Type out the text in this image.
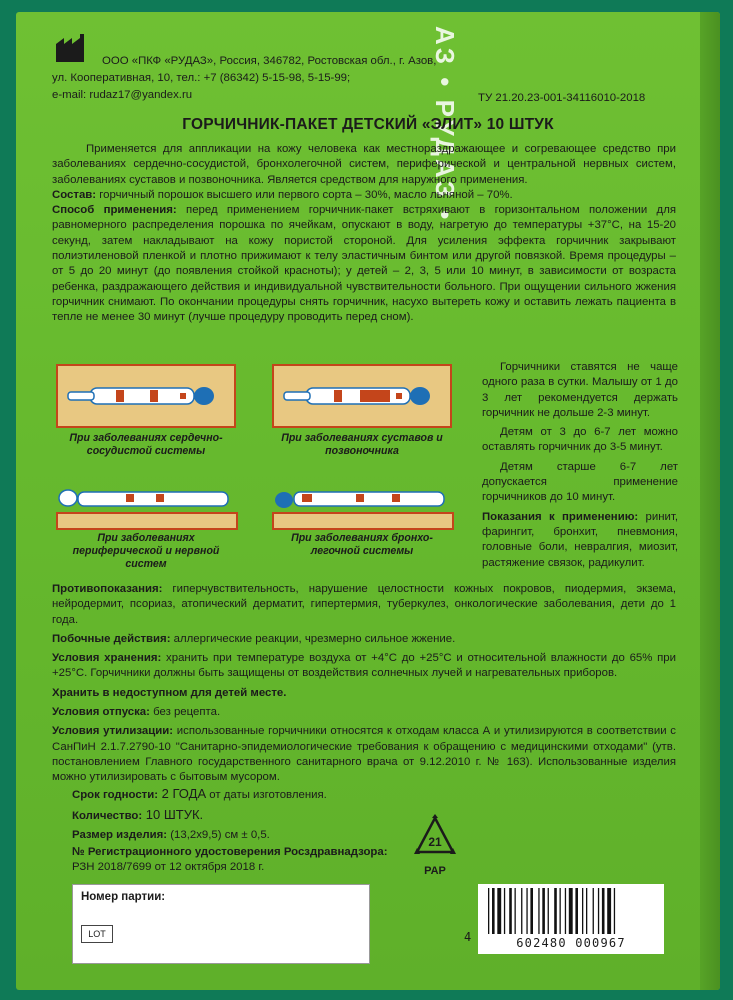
ООО «ПКФ «РУДАЗ», Россия, 346782, Ростовская обл., г. Азов,
ул. Кооперативная, 10, тел.: +7 (86342) 5-15-98, 5-15-99;
e-mail: rudaz17@yandex.ru	ТУ 21.20.23-001-34116010-2018
АЗ • РУДАЗ •
ГОРЧИЧНИК-ПАКЕТ ДЕТСКИЙ «ЭЛИТ» 10 ШТУК

Применяется для аппликации на кожу человека как местнораздражающее и согревающее средство при заболеваниях сердечно-сосудистой, бронхолегочной систем, периферической и центральной нервных систем, заболеваниях суставов и позвоночника. Является средством для наружного применения.

Состав: горчичный порошок высшего или первого сорта – 30%, масло льняной – 70%.

Способ применения: перед применением горчичник-пакет встряхивают в горизонтальном положении для равномерного распределения порошка по ячейкам, опускают в воду, нагретую до температуры +37°С, на 15-20 секунд, затем накладывают на кожу пористой стороной. Для усиления эффекта горчичник закрывают полиэтиленовой пленкой и плотно прижимают к телу эластичным бинтом или другой повязкой. Время процедуры – от 5 до 20 минут (до появления стойкой краснoты); у детей – 2, 3, 5 или 10 минут, в зависимости от возраста ребенка, раздражающего действия и индивидуальной чувствительности больного. При ощущении сильного жжения горчичник снимают. По окончании процедуры снять горчичник, насухо вытереть кожу и оставить лежать пациента в тепле не менее 30 минут (лучше процедуру проводить перед сном).

При заболеваниях сердечно-сосудистой системы
При заболеваниях суставов и позвоночника
При заболеваниях периферической и нервной систем
При заболеваниях бронхо-легочной системы

Горчичники ставятся не чаще одного раза в сутки. Малышу от 1 до 3 лет рекомендуется держать горчичник не дольше 2-3 минут.

Детям от 3 до 6-7 лет можно оставлять горчичник до 3-5 минут.

Детям старше 6-7 лет допускается применение горчичников до 10 минут.

Показания к применению: ринит, фарингит, бронхит, пневмония, головные боли, невралгия, миозит, растяжение связок, радикулит.

Противопоказания: гиперчувствительность, нарушение целостности кожных покровов, пиодермия, экзема, нейродермит, псориаз, атопический дерматит, гипертермия, туберкулез, онкологические заболевания, дети до 1 года.

Побочные действия: аллергические реакции, чрезмерно сильное жжение.

Условия хранения: хранить при температуре воздуха от +4°С до +25°С и относительной влажности до 65% при +25°С. Горчичники должны быть защищены от воздействия солнечных лучей и нагревательных приборов.

Хранить в недоступном для детей месте.

Условия отпуска: без рецепта.

Условия утилизации: использованные горчичники относятся к отходам класса А и утилизируются в соответствии с СанПиН 2.1.7.2790-10 "Санитарно-эпидемиологические требования к обращению с медицинскими отходами" (утв. постановлением Главного государственного санитарного врача от 9.12.2010 г. № 163). Использованные изделия можно утилизировать с бытовым мусором.

Срок годности: 2 ГОДА от даты изготовления.

Количество: 10 ШТУК.

Размер изделия: (13,2х9,5) см ± 0,5.

№ Регистрационного удостоверения Росздравнадзора:
РЗН 2018/7699 от 12 октября 2018 г.

21
PAP
Номер партии:
LOT
602480 000967
4
